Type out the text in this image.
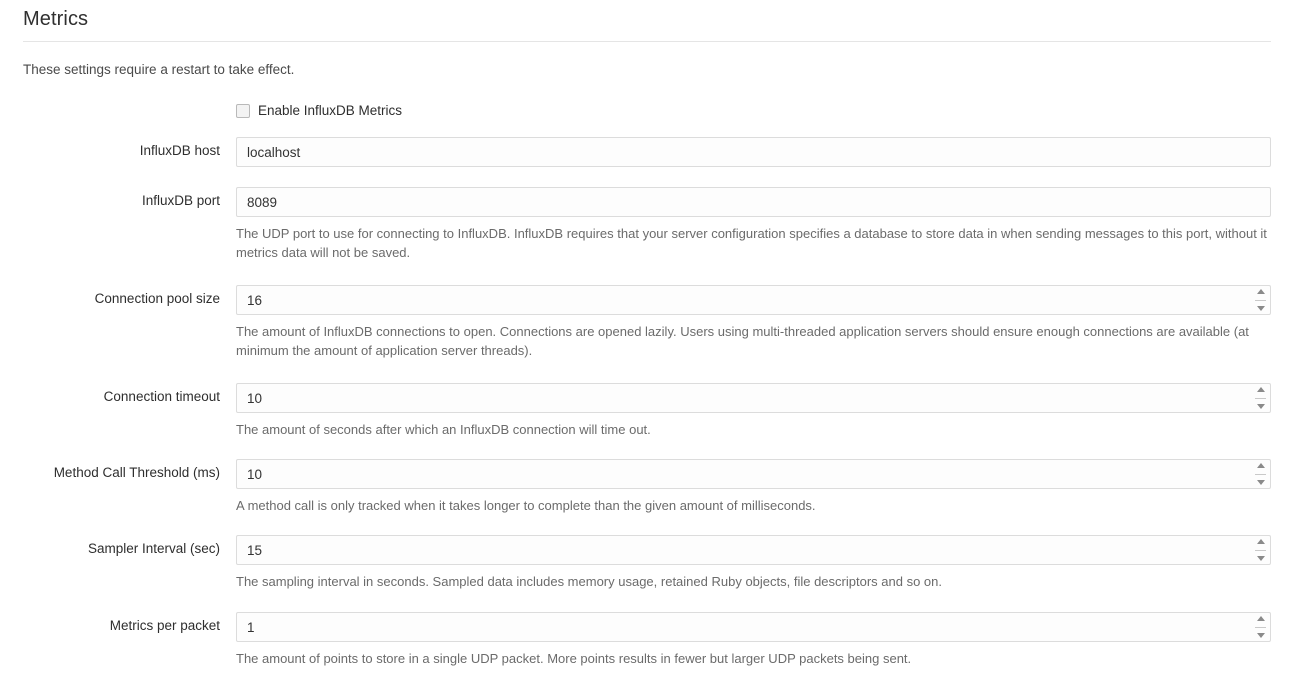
Metrics
These settings require a restart to take effect.
Enable InfluxDB Metrics
InfluxDB host
localhost
InfluxDB port
8089
The UDP port to use for connecting to InfluxDB. InfluxDB requires that your server configuration specifies a database to store data in when sending messages to this port, without it metrics data will not be saved.
Connection pool size
16
The amount of InfluxDB connections to open. Connections are opened lazily. Users using multi-threaded application servers should ensure enough connections are available (at minimum the amount of application server threads).
Connection timeout
10
The amount of seconds after which an InfluxDB connection will time out.
Method Call Threshold (ms)
10
A method call is only tracked when it takes longer to complete than the given amount of milliseconds.
Sampler Interval (sec)
15
The sampling interval in seconds. Sampled data includes memory usage, retained Ruby objects, file descriptors and so on.
Metrics per packet
1
The amount of points to store in a single UDP packet. More points results in fewer but larger UDP packets being sent.
